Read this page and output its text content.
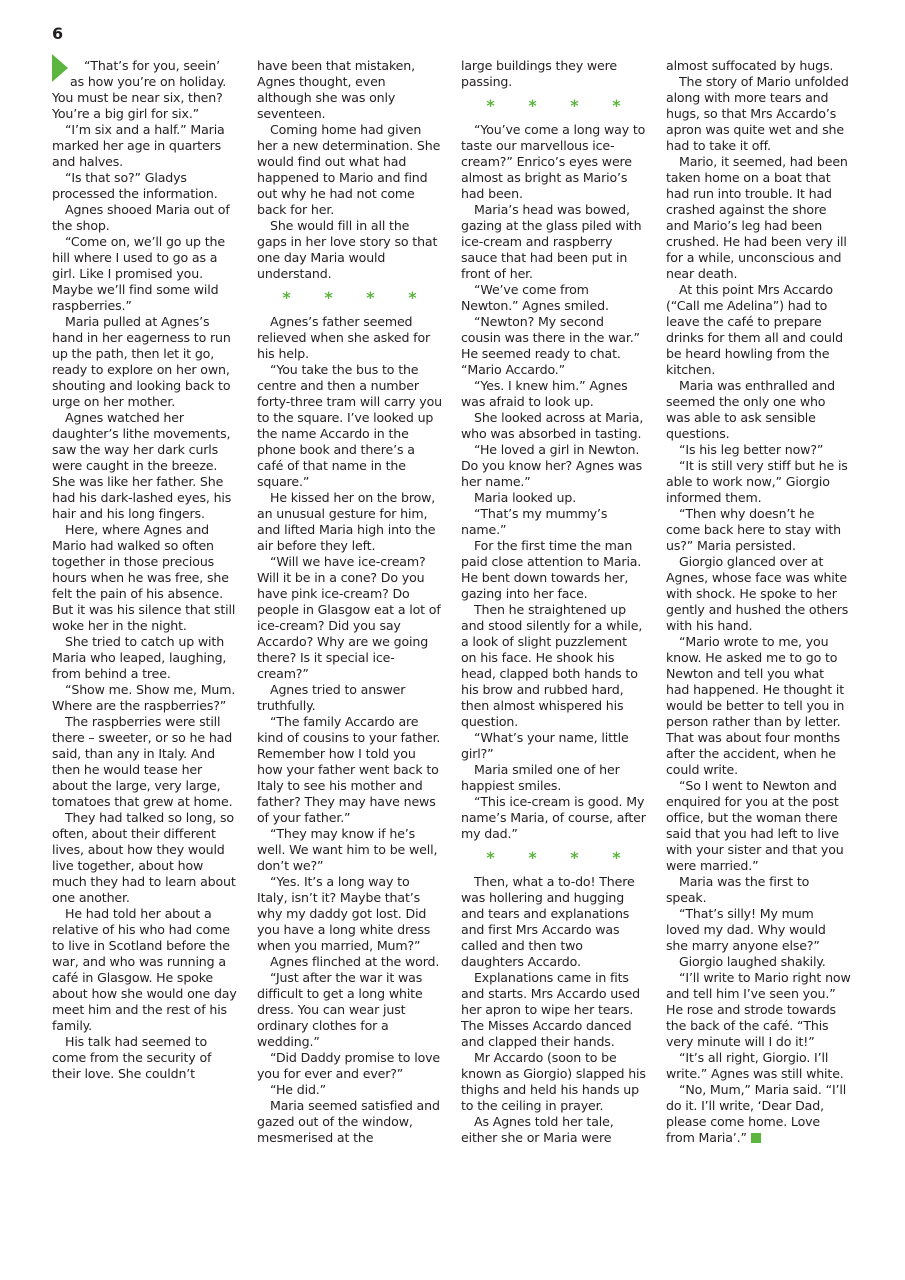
6

“That’s for you, seein’ as how you’re on holiday. You must be near six, then? You’re a big girl for six.”

“I’m six and a half.” Maria marked her age in quarters and halves.

“Is that so?” Gladys processed the information.

Agnes shooed Maria out of the shop.

“Come on, we’ll go up the hill where I used to go as a girl. Like I promised you. Maybe we’ll find some wild raspberries.”

Maria pulled at Agnes’s hand in her eagerness to run up the path, then let it go, ready to explore on her own, shouting and looking back to urge on her mother.

Agnes watched her daughter’s lithe movements, saw the way her dark curls were caught in the breeze. She was like her father. She had his dark-lashed eyes, his hair and his long fingers.

Here, where Agnes and Mario had walked so often together in those precious hours when he was free, she felt the pain of his absence. But it was his silence that still woke her in the night.

She tried to catch up with Maria who leaped, laughing, from behind a tree.

“Show me. Show me, Mum. Where are the raspberries?”

The raspberries were still there – sweeter, or so he had said, than any in Italy. And then he would tease her about the large, very large, tomatoes that grew at home.

They had talked so long, so often, about their different lives, about how they would live together, about how much they had to learn about one another.

He had told her about a relative of his who had come to live in Scotland before the war, and who was running a café in Glasgow. He spoke about how she would one day meet him and the rest of his family.

His talk had seemed to come from the security of their love. She couldn’t

have been that mistaken, Agnes thought, even although she was only seventeen.

Coming home had given her a new determination. She would find out what had happened to Mario and find out why he had not come back for her.

She would fill in all the gaps in her love story so that one day Maria would understand.

* * * *

Agnes’s father seemed relieved when she asked for his help.

“You take the bus to the centre and then a number forty-three tram will carry you to the square. I’ve looked up the name Accardo in the phone book and there’s a café of that name in the square.”

He kissed her on the brow, an unusual gesture for him, and lifted Maria high into the air before they left.

“Will we have ice-cream? Will it be in a cone? Do you have pink ice-cream? Do people in Glasgow eat a lot of ice-cream? Did you say Accardo? Why are we going there? Is it special ice-cream?”

Agnes tried to answer truthfully.

“The family Accardo are kind of cousins to your father. Remember how I told you how your father went back to Italy to see his mother and father? They may have news of your father.”

“They may know if he’s well. We want him to be well, don’t we?”

“Yes. It’s a long way to Italy, isn’t it? Maybe that’s why my daddy got lost. Did you have a long white dress when you married, Mum?”

Agnes flinched at the word.

“Just after the war it was difficult to get a long white dress. You can wear just ordinary clothes for a wedding.”

“Did Daddy promise to love you for ever and ever?”

“He did.”

Maria seemed satisfied and gazed out of the window, mesmerised at the

large buildings they were passing.

* * * *

“You’ve come a long way to taste our marvellous ice-cream?” Enrico’s eyes were almost as bright as Mario’s had been.

Maria’s head was bowed, gazing at the glass piled with ice-cream and raspberry sauce that had been put in front of her.

“We’ve come from Newton.” Agnes smiled.

“Newton? My second cousin was there in the war.” He seemed ready to chat. “Mario Accardo.”

“Yes. I knew him.” Agnes was afraid to look up.

She looked across at Maria, who was absorbed in tasting.

“He loved a girl in Newton. Do you know her? Agnes was her name.”

Maria looked up.

“That’s my mummy’s name.”

For the first time the man paid close attention to Maria. He bent down towards her, gazing into her face.

Then he straightened up and stood silently for a while, a look of slight puzzlement on his face. He shook his head, clapped both hands to his brow and rubbed hard, then almost whispered his question.

“What’s your name, little girl?”

Maria smiled one of her happiest smiles.

“This ice-cream is good. My name’s Maria, of course, after my dad.”

* * * *

Then, what a to-do! There was hollering and hugging and tears and explanations and first Mrs Accardo was called and then two daughters Accardo.

Explanations came in fits and starts. Mrs Accardo used her apron to wipe her tears. The Misses Accardo danced and clapped their hands.

Mr Accardo (soon to be known as Giorgio) slapped his thighs and held his hands up to the ceiling in prayer.

As Agnes told her tale, either she or Maria were

almost suffocated by hugs.

The story of Mario unfolded along with more tears and hugs, so that Mrs Accardo’s apron was quite wet and she had to take it off.

Mario, it seemed, had been taken home on a boat that had run into trouble. It had crashed against the shore and Mario’s leg had been crushed. He had been very ill for a while, unconscious and near death.

At this point Mrs Accardo (“Call me Adelina”) had to leave the café to prepare drinks for them all and could be heard howling from the kitchen.

Maria was enthralled and seemed the only one who was able to ask sensible questions.

“Is his leg better now?”

“It is still very stiff but he is able to work now,” Giorgio informed them.

“Then why doesn’t he come back here to stay with us?” Maria persisted.

Giorgio glanced over at Agnes, whose face was white with shock. He spoke to her gently and hushed the others with his hand.

“Mario wrote to me, you know. He asked me to go to Newton and tell you what had happened. He thought it would be better to tell you in person rather than by letter. That was about four months after the accident, when he could write.

“So I went to Newton and enquired for you at the post office, but the woman there said that you had left to live with your sister and that you were married.”

Maria was the first to speak.

“That’s silly! My mum loved my dad. Why would she marry anyone else?”

Giorgio laughed shakily.

“I’ll write to Mario right now and tell him I’ve seen you.” He rose and strode towards the back of the café. “This very minute will I do it!”

“It’s all right, Giorgio. I’ll write.” Agnes was still white.

“No, Mum,” Maria said. “I’ll do it. I’ll write, ‘Dear Dad, please come home. Love from Maria’.”
